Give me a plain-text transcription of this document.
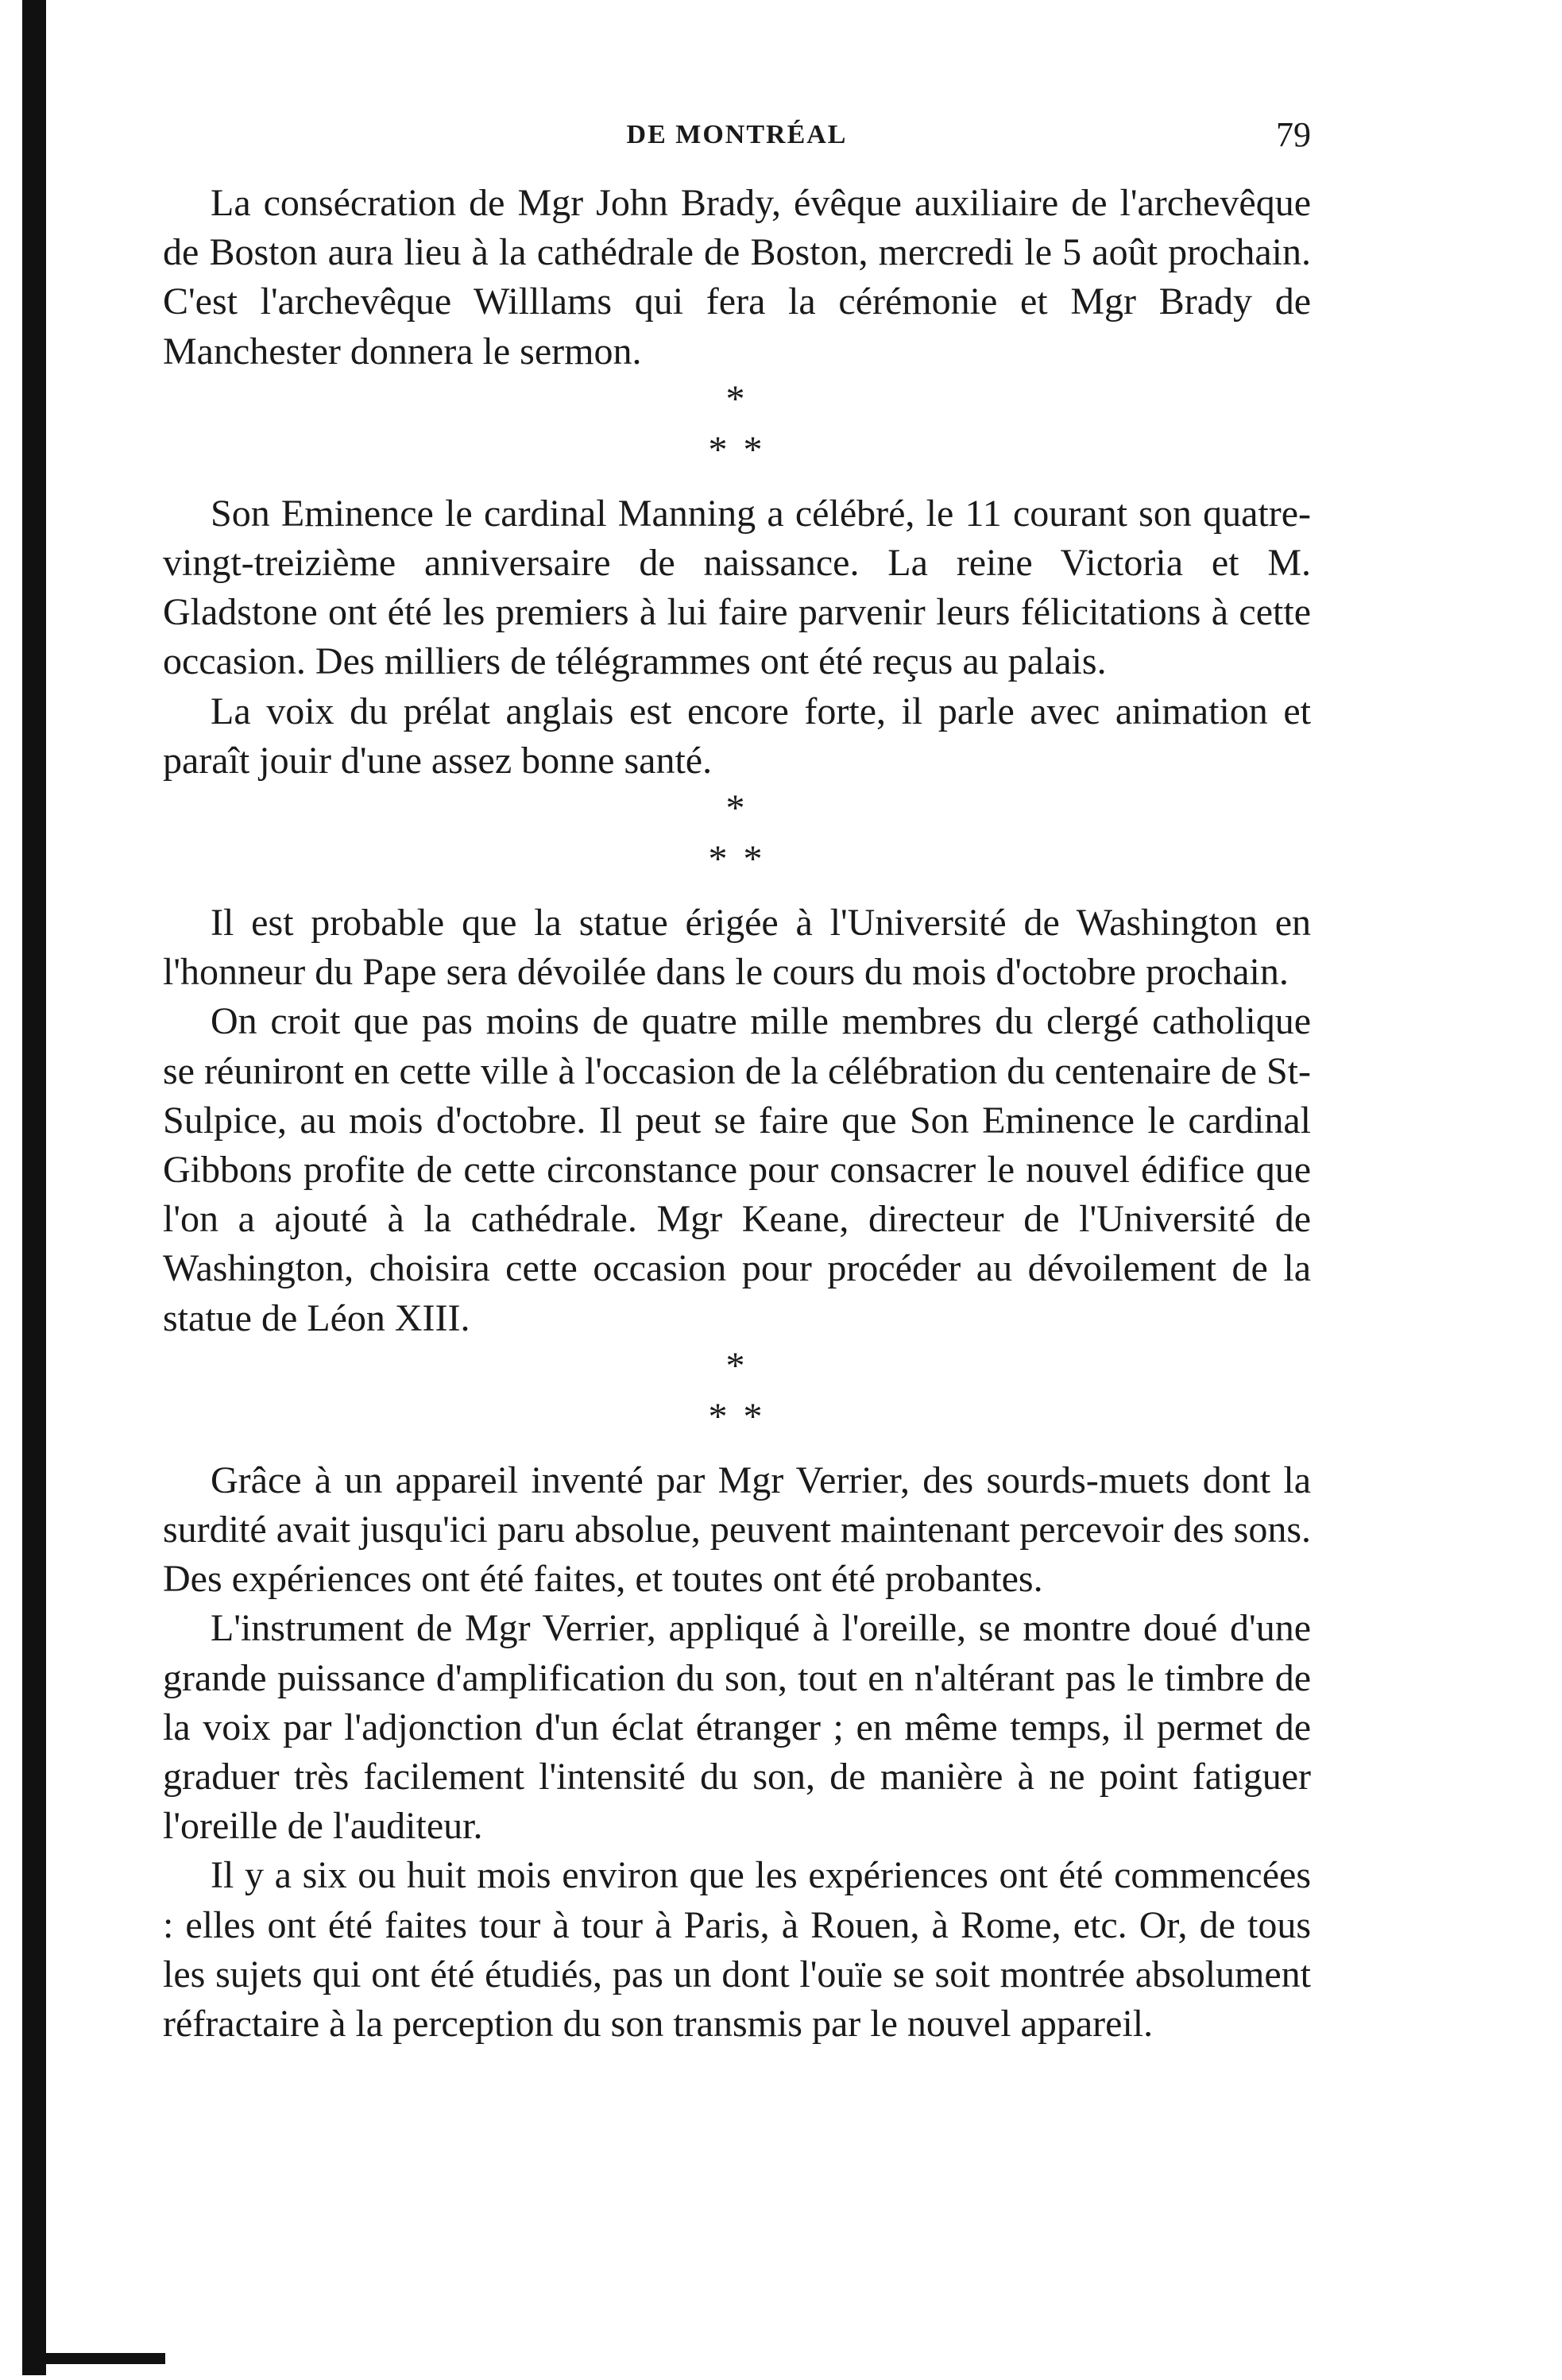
DE MONTRÉAL	79

La consécration de Mgr John Brady, évêque auxiliaire de l'archevêque de Boston aura lieu à la cathédrale de Boston, mercredi le 5 août prochain. C'est l'archevêque Willlams qui fera la cérémonie et Mgr Brady de Manchester donnera le sermon.

*
* *

Son Eminence le cardinal Manning a célébré, le 11 courant son quatre-vingt-treizième anniversaire de naissance. La reine Victoria et M. Gladstone ont été les premiers à lui faire parvenir leurs félicitations à cette occasion. Des milliers de télégrammes ont été reçus au palais.

La voix du prélat anglais est encore forte, il parle avec animation et paraît jouir d'une assez bonne santé.

*
* *

Il est probable que la statue érigée à l'Université de Washington en l'honneur du Pape sera dévoilée dans le cours du mois d'octobre prochain.

On croit que pas moins de quatre mille membres du clergé catholique se réuniront en cette ville à l'occasion de la célébration du centenaire de St-Sulpice, au mois d'octobre. Il peut se faire que Son Eminence le cardinal Gibbons profite de cette circonstance pour consacrer le nouvel édifice que l'on a ajouté à la cathédrale. Mgr Keane, directeur de l'Université de Washington, choisira cette occasion pour procéder au dévoilement de la statue de Léon XIII.

*
* *

Grâce à un appareil inventé par Mgr Verrier, des sourds-muets dont la surdité avait jusqu'ici paru absolue, peuvent maintenant percevoir des sons. Des expériences ont été faites, et toutes ont été probantes.

L'instrument de Mgr Verrier, appliqué à l'oreille, se montre doué d'une grande puissance d'amplification du son, tout en n'altérant pas le timbre de la voix par l'adjonction d'un éclat étranger ; en même temps, il permet de graduer très facilement l'intensité du son, de manière à ne point fatiguer l'oreille de l'auditeur.

Il y a six ou huit mois environ que les expériences ont été commencées : elles ont été faites tour à tour à Paris, à Rouen, à Rome, etc. Or, de tous les sujets qui ont été étudiés, pas un dont l'ouïe se soit montrée absolument réfractaire à la perception du son transmis par le nouvel appareil.
